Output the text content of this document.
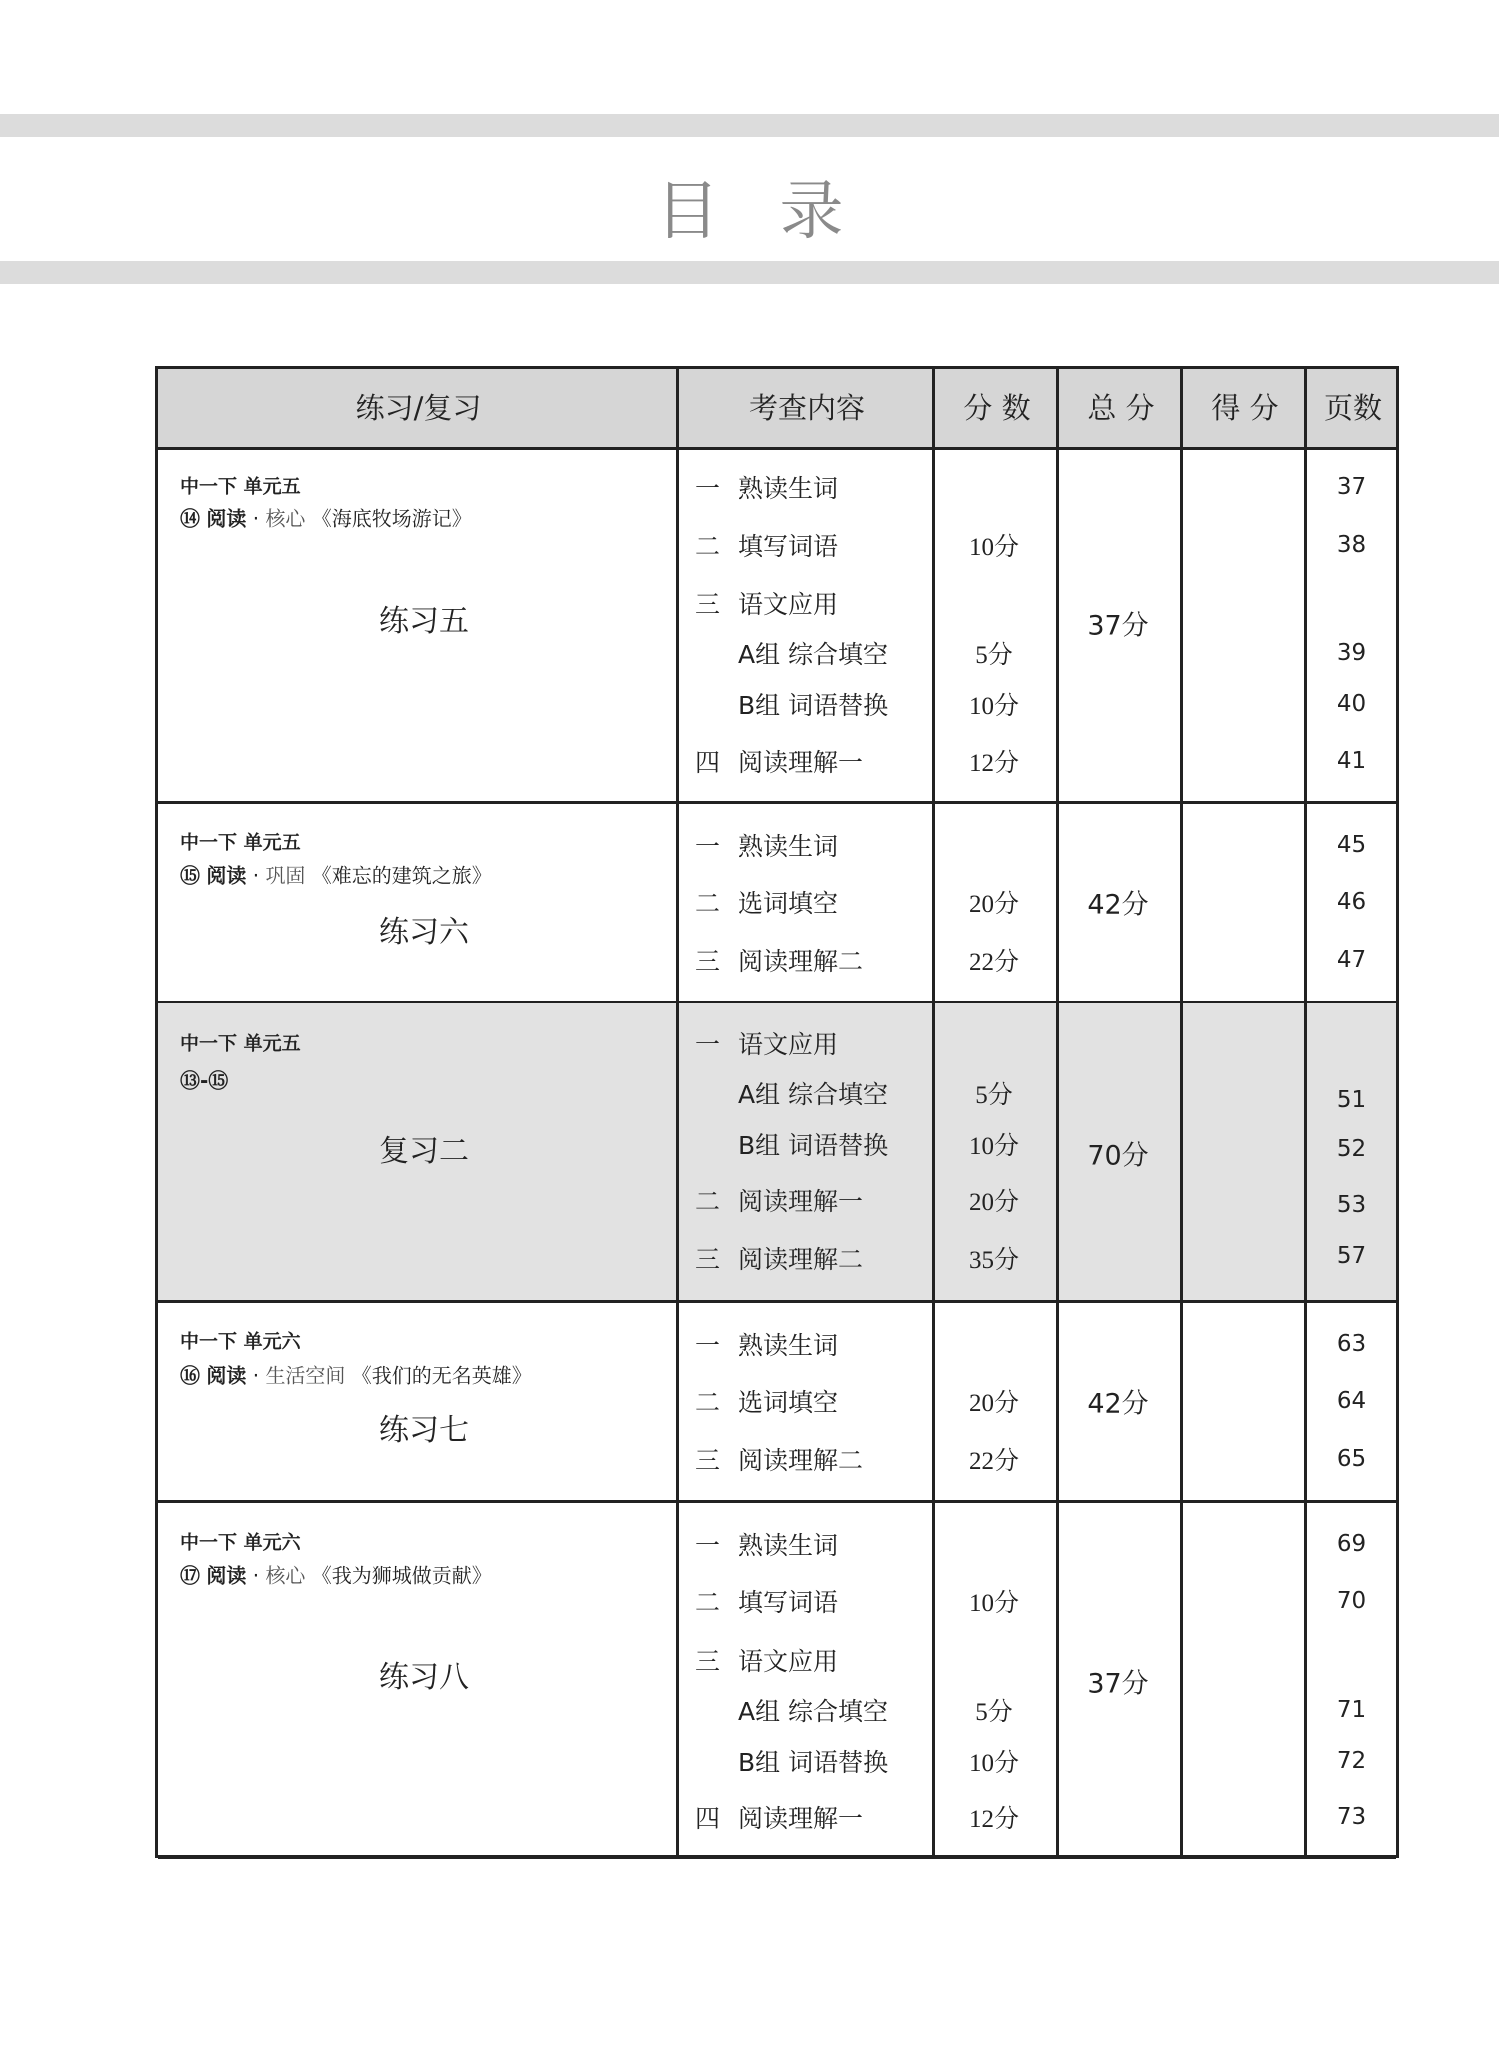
目录
练习/复习	考查内容	分 数	总 分	得 分	页数
中一下 单元五
⑭ 阅读 · 核心 《海底牧场游记》
练习五	37分
一 熟读生词	37
二 填写词语	10分	38
三 语文应用
A组 综合填空	5分	39
B组 词语替换	10分	40
四 阅读理解一	12分	41
中一下 单元五
⑮ 阅读 · 巩固 《难忘的建筑之旅》
练习六
42分
一 熟读生词	45
二 选词填空	20分	46
三 阅读理解二	22分	47
中一下 单元五
⑬-⑮
复习二	70分
一 语文应用
A组 综合填空	5分	51
B组 词语替换	10分	52
二 阅读理解一	20分	53
三 阅读理解二	35分	57
中一下 单元六
⑯ 阅读 · 生活空间 《我们的无名英雄》
练习七
42分
一 熟读生词	63
二 选词填空	20分	64
三 阅读理解二	22分	65
中一下 单元六
⑰ 阅读 · 核心 《我为狮城做贡献》
练习八	37分
一 熟读生词	69
二 填写词语	10分	70
三 语文应用
A组 综合填空	5分	71
B组 词语替换	10分	72
四 阅读理解一	12分	73
